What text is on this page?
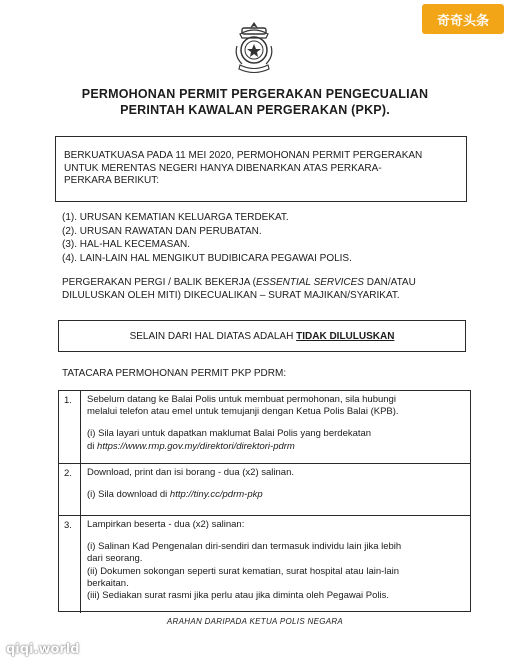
奇奇头条
PERMOHONAN PERMIT PERGERAKAN PENGECUALIAN
PERINTAH KAWALAN PERGERAKAN (PKP).
BERKUATKUASA PADA 11 MEI 2020, PERMOHONAN PERMIT PERGERAKAN
UNTUK MERENTAS NEGERI HANYA DIBENARKAN ATAS PERKARA-
PERKARA BERIKUT:
(1). URUSAN KEMATIAN KELUARGA TERDEKAT.
(2). URUSAN RAWATAN DAN PERUBATAN.
(3). HAL-HAL KECEMASAN.
(4). LAIN-LAIN HAL MENGIKUT BUDIBICARA PEGAWAI POLIS.
PERGERAKAN PERGI / BALIK BEKERJA (ESSENTIAL SERVICES DAN/ATAU
DILULUSKAN OLEH MITI) DIKECUALIKAN – SURAT MAJIKAN/SYARIKAT.
SELAIN DARI HAL DIATAS ADALAH
TIDAK DILULUSKAN
TATACARA PERMOHONAN PERMIT PKP PDRM:
1.	Sebelum datang ke Balai Polis untuk membuat permohonan, sila hubungi

melalui telefon atau emel untuk temujanji dengan Ketua Polis Balai (KPB).

(i) Sila layari untuk dapatkan maklumat Balai Polis yang berdekatan

di https://www.rmp.gov.my/direktori/direktori-pdrm

2.	Download, print dan isi borang - dua (x2) salinan.

(i) Sila download di http://tiny.cc/pdrm-pkp

3.	Lampirkan beserta - dua (x2) salinan:

(i) Salinan Kad Pengenalan diri-sendiri dan termasuk individu lain jika lebih

dari seorang.

(ii) Dokumen sokongan seperti surat kematian, surat hospital atau lain-lain

berkaitan.

(iii) Sediakan surat rasmi jika perlu atau jika diminta oleh Pegawai Polis.

ARAHAN DARIPADA KETUA POLIS NEGARA
qiqi.world
